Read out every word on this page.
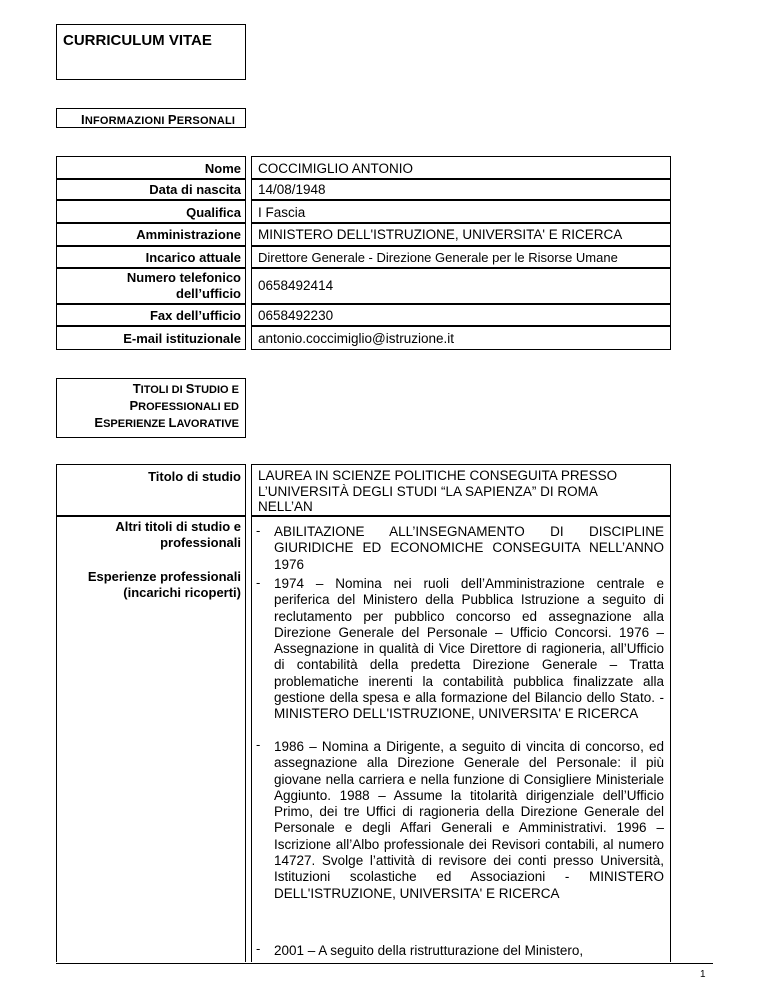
CURRICULUM VITAE
INFORMAZIONI PERSONALI
Nome COCCIMIGLIO ANTONIO
Data di nascita 14/08/1948
Qualifica I Fascia
Amministrazione MINISTERO DELL'ISTRUZIONE, UNIVERSITA' E RICERCA
Incarico attuale Direttore Generale - Direzione Generale per le Risorse Umane
Numero telefonico
dell’ufficio
0658492414
Fax dell’ufficio 0658492230
E-mail istituzionale antonio.coccimiglio@istruzione.it
TITOLI DI STUDIO E
PROFESSIONALI ED
ESPERIENZE LAVORATIVE
Titolo di studio LAUREA IN SCIENZE POLITICHE CONSEGUITA PRESSO
L’UNIVERSITÀ DEGLI STUDI “LA SAPIENZA” DI ROMA
NELL’AN
Altri titoli di studio e
professionali
Esperienze professionali
(incarichi ricoperti)
- ABILITAZIONE ALL’INSEGNAMENTO DI DISCIPLINE GIURIDICHE ED ECONOMICHE CONSEGUITA NELL’ANNO 1976
- 1974 – Nomina nei ruoli dell’Amministrazione centrale e periferica del Ministero della Pubblica Istruzione a seguito di reclutamento per pubblico concorso ed assegnazione alla Direzione Generale del Personale – Ufficio Concorsi. 1976 – Assegnazione in qualità di Vice Direttore di ragioneria, all’Ufficio di contabilità della predetta Direzione Generale – Tratta problematiche inerenti la contabilità pubblica finalizzate alla gestione della spesa e alla formazione del Bilancio dello Stato. - MINISTERO DELL'ISTRUZIONE, UNIVERSITA' E RICERCA
- 1986 – Nomina a Dirigente, a seguito di vincita di concorso, ed assegnazione alla Direzione Generale del Personale: il più giovane nella carriera e nella funzione di Consigliere Ministeriale Aggiunto. 1988 – Assume la titolarità dirigenziale dell’Ufficio Primo, dei tre Uffici di ragioneria della Direzione Generale del Personale e degli Affari Generali e Amministrativi. 1996 – Iscrizione all’Albo professionale dei Revisori contabili, al numero 14727. Svolge l’attività di revisore dei conti presso Università, Istituzioni scolastiche ed Associazioni - MINISTERO DELL'ISTRUZIONE, UNIVERSITA' E RICERCA
- 2001 – A seguito della ristrutturazione del Ministero,
1
